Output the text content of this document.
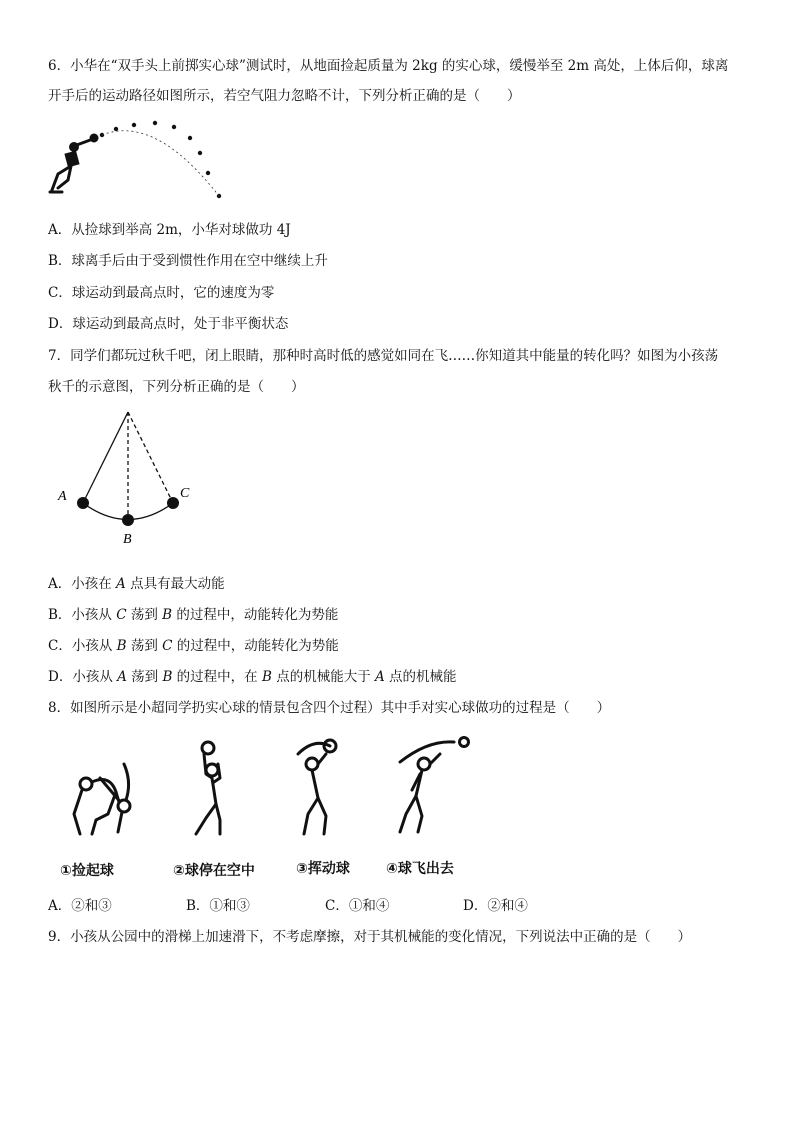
6．小华在“双手头上前掷实心球”测试时，从地面捡起质量为 2kg 的实心球，缓慢举至 2m 高处，上体后仰，球离
开手后的运动路径如图所示，若空气阻力忽略不计，下列分析正确的是（　　）
A．从捡球到举高 2m，小华对球做功 4J
B．球离手后由于受到惯性作用在空中继续上升
C．球运动到最高点时，它的速度为零
D．球运动到最高点时，处于非平衡状态
7．同学们都玩过秋千吧，闭上眼睛，那种时高时低的感觉如同在飞……你知道其中能量的转化吗？如图为小孩荡
秋千的示意图，下列分析正确的是（　　）
A
B
C
A．小孩在 A 点具有最大动能
B．小孩从 C 荡到 B 的过程中，动能转化为势能
C．小孩从 B 荡到 C 的过程中，动能转化为势能
D．小孩从 A 荡到 B 的过程中，在 B 点的机械能大于 A 点的机械能
8．如图所示是小超同学扔实心球的情景包含四个过程）其中手对实心球做功的过程是（　　）
①捡起球	②球停在空中	③挥动球	④球飞出去
A．②和③	B．①和③	C．①和④	D．②和④
9．小孩从公园中的滑梯上加速滑下，不考虑摩擦，对于其机械能的变化情况，下列说法中正确的是（　　）
